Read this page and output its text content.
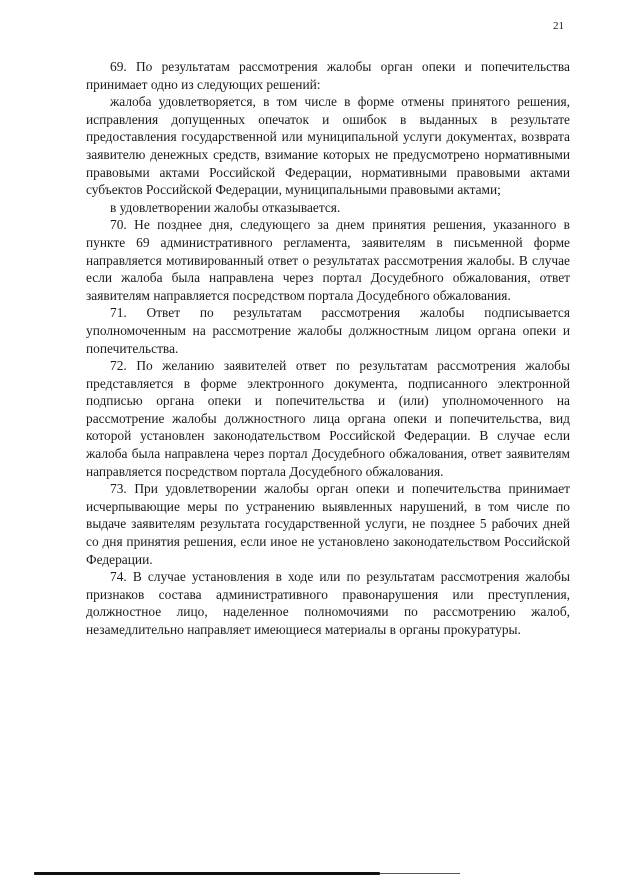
21

69. По результатам рассмотрения жалобы орган опеки и попечительства принимает одно из следующих решений:

жалоба удовлетворяется, в том числе в форме отмены принятого решения, исправления допущенных опечаток и ошибок в выданных в результате предоставления государственной или муниципальной услуги документах, возврата заявителю денежных средств, взимание которых не предусмотрено нормативными правовыми актами Российской Федерации, нормативными правовыми актами субъектов Российской Федерации, муниципальными правовыми актами;

в удовлетворении жалобы отказывается.

70. Не позднее дня, следующего за днем принятия решения, указанного в пункте 69 административного регламента, заявителям в письменной форме направляется мотивированный ответ о результатах рассмотрения жалобы. В случае если жалоба была направлена через портал Досудебного обжалования, ответ заявителям направляется посредством портала Досудебного обжалования.

71. Ответ по результатам рассмотрения жалобы подписывается уполномоченным на рассмотрение жалобы должностным лицом органа опеки и попечительства.

72. По желанию заявителей ответ по результатам рассмотрения жалобы представляется в форме электронного документа, подписанного электронной подписью органа опеки и попечительства и (или) уполномоченного на рассмотрение жалобы должностного лица органа опеки и попечительства, вид которой установлен законодательством Российской Федерации. В случае если жалоба была направлена через портал Досудебного обжалования, ответ заявителям направляется посредством портала Досудебного обжалования.

73. При удовлетворении жалобы орган опеки и попечительства принимает исчерпывающие меры по устранению выявленных нарушений, в том числе по выдаче заявителям результата государственной услуги, не позднее 5 рабочих дней со дня принятия решения, если иное не установлено законодательством Российской Федерации.

74. В случае установления в ходе или по результатам рассмотрения жалобы признаков состава административного правонарушения или преступления, должностное лицо, наделенное полномочиями по рассмотрению жалоб, незамедлительно направляет имеющиеся материалы в органы прокуратуры.
